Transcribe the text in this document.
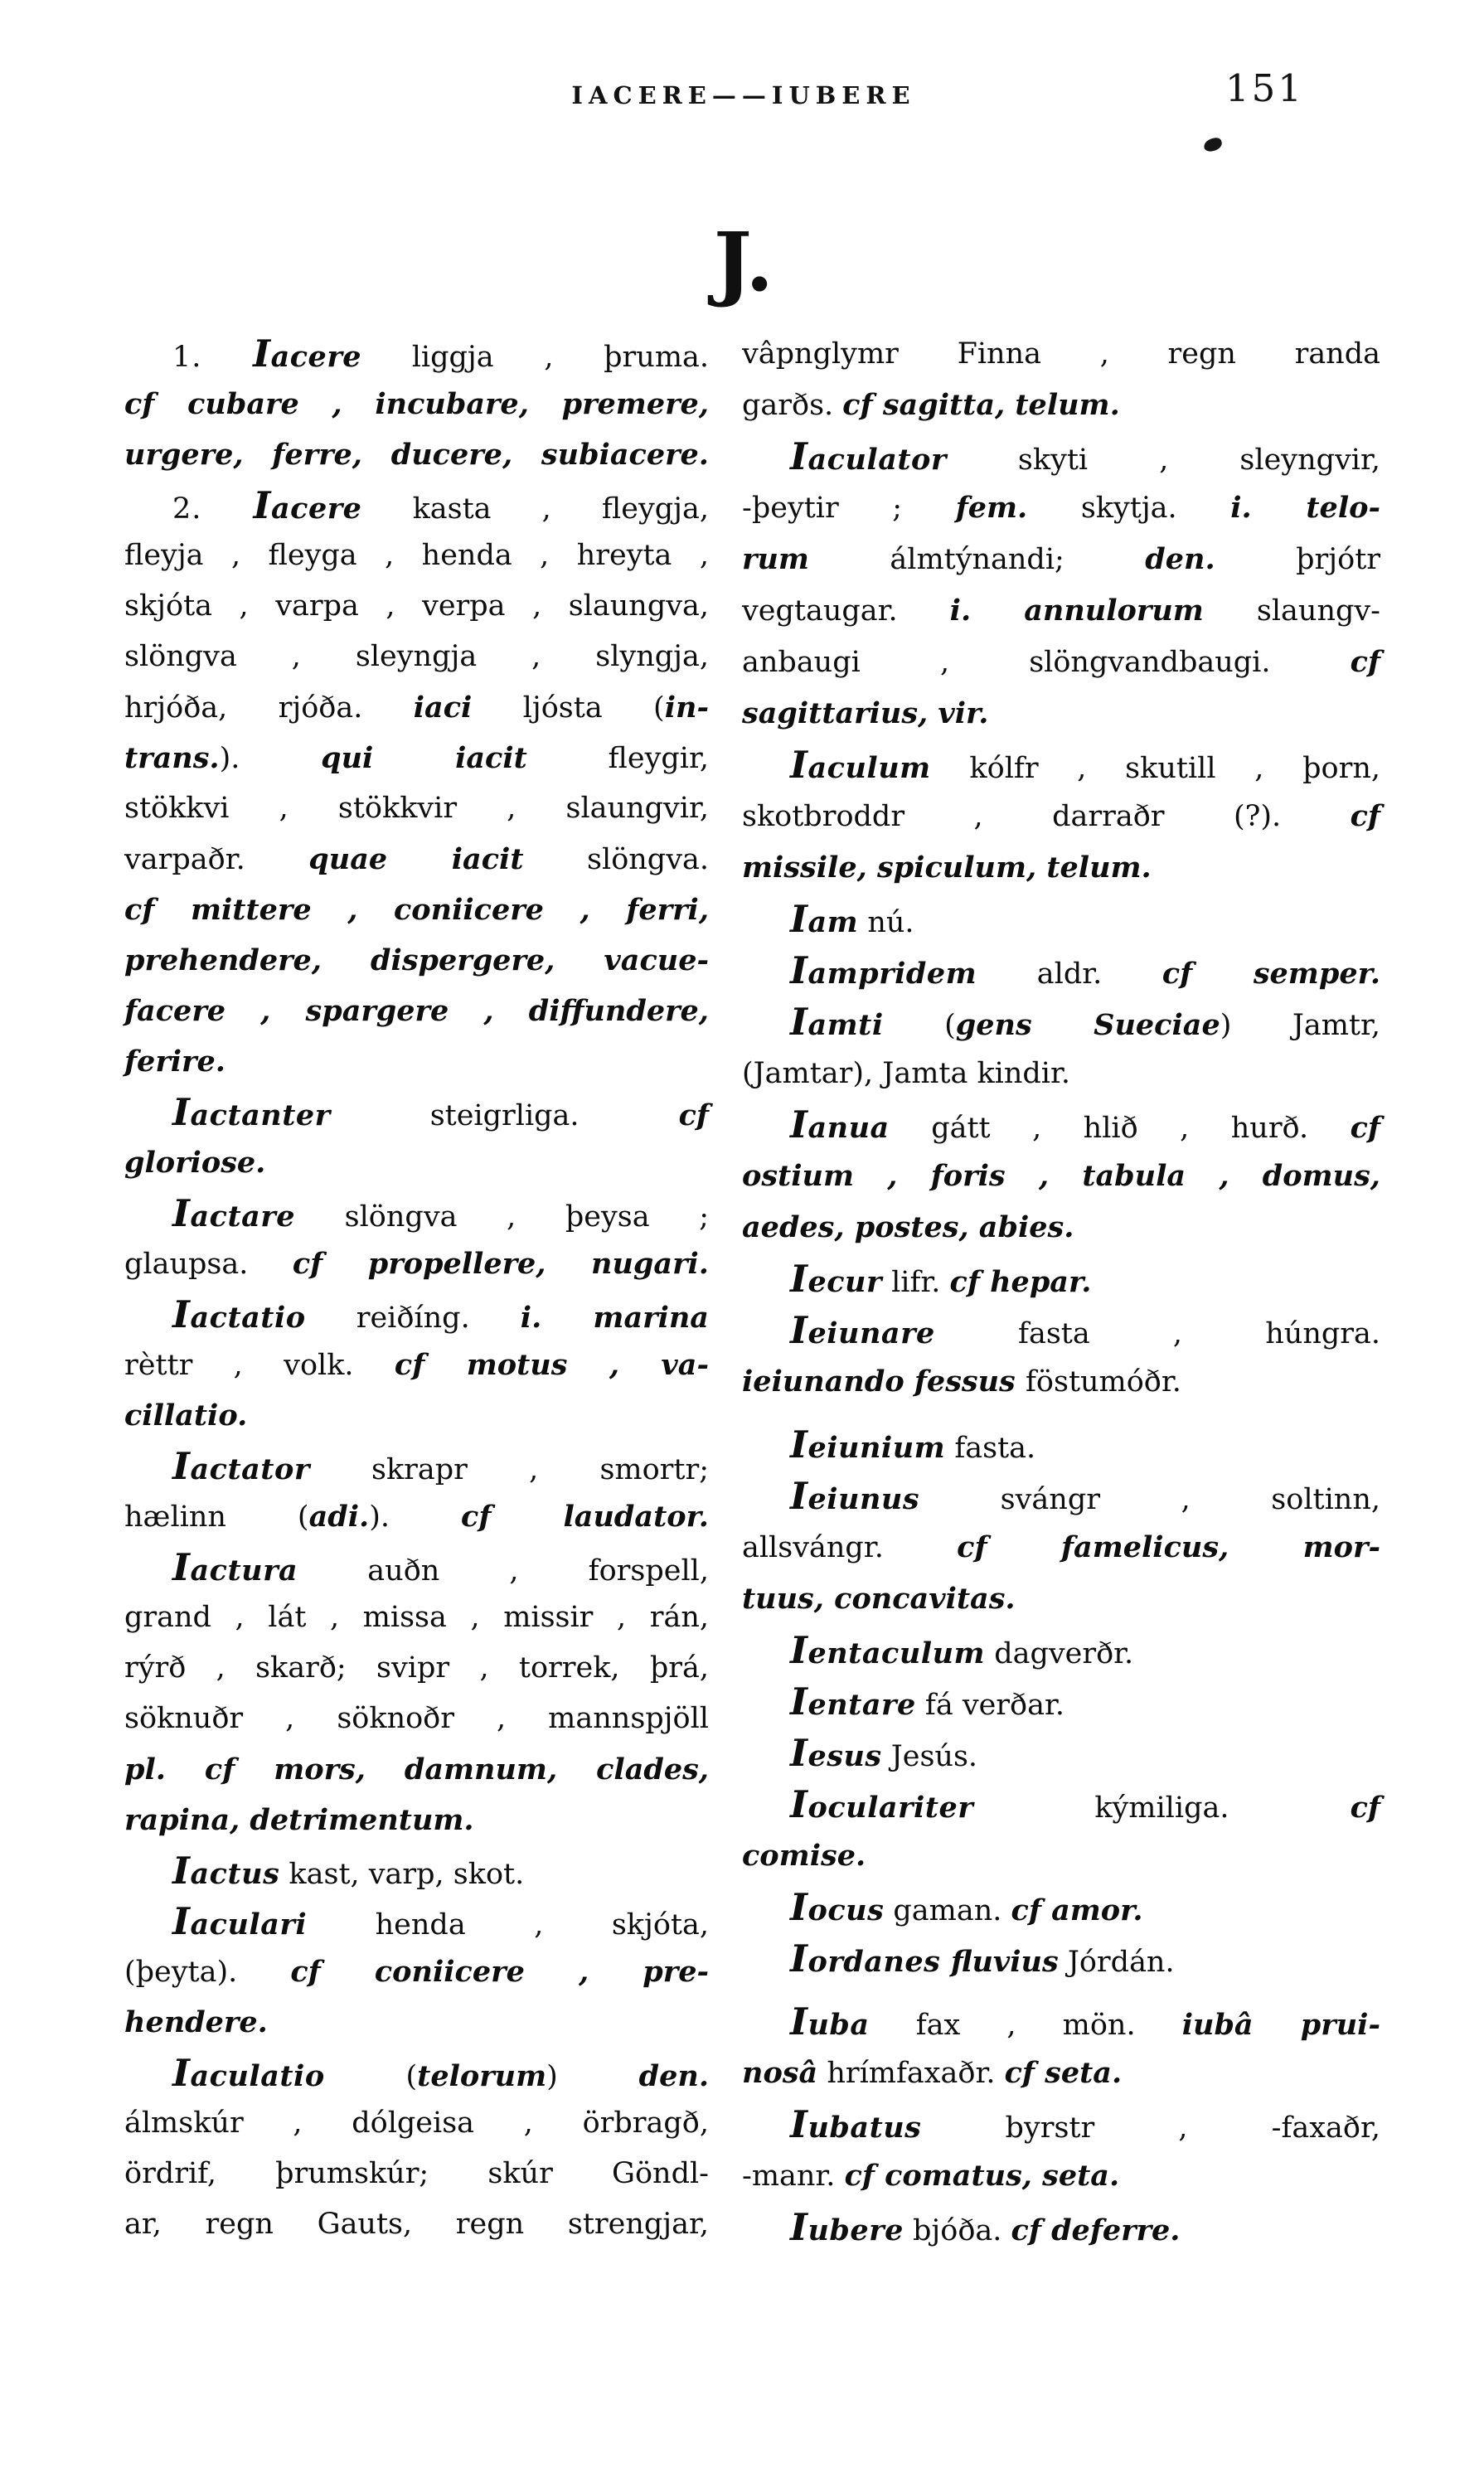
IACERE——IUBERE	151
J.
1. Iacere liggja , þruma.
cf cubare , incubare, premere,
urgere, ferre, ducere, subiacere.
2. Iacere kasta , fleygja,
fleyja , fleyga , henda , hreyta ,
skjóta , varpa , verpa , slaungva,
slöngva , sleyngja , slyngja,
hrjóða, rjóða. iaci ljósta (in-
trans.). qui iacit fleygir,
stökkvi , stökkvir , slaungvir,
varpaðr. quae iacit slöngva.
cf mittere , coniicere , ferri,
prehendere, dispergere, vacue-
facere , spargere , diffundere,
ferire.
Iactanter steigrliga. cf
gloriose.
Iactare slöngva , þeysa ;
glaupsa. cf propellere, nugari.
Iactatio reiðíng. i. marina
rèttr , volk. cf motus , va-
cillatio.
Iactator skrapr , smortr;
hælinn (adi.). cf laudator.
Iactura auðn , forspell,
grand , lát , missa , missir , rán,
rýrð , skarð; svipr , torrek, þrá,
söknuðr , söknoðr , mannspjöll
pl. cf mors, damnum, clades,
rapina, detrimentum.
Iactus kast, varp, skot.
Iaculari henda , skjóta,
(þeyta). cf coniicere , pre-
hendere.
Iaculatio (telorum) den.
álmskúr , dólgeisa , örbragð,
ördrif, þrumskúr; skúr Göndl-
ar, regn Gauts, regn strengjar,
vâpnglymr Finna , regn randa
garðs. cf sagitta, telum.
Iaculator skyti , sleyngvir,
-þeytir ; fem. skytja. i. telo-
rum álmtýnandi; den. þrjótr
vegtaugar. i. annulorum slaungv-
anbaugi , slöngvandbaugi. cf
sagittarius, vir.
Iaculum kólfr , skutill , þorn,
skotbroddr , darraðr (?). cf
missile, spiculum, telum.
Iam nú.
Iampridem aldr. cf semper.
Iamti (gens Sueciae) Jamtr,
(Jamtar), Jamta kindir.
Ianua gátt , hlið , hurð. cf
ostium , foris , tabula , domus,
aedes, postes, abies.
Iecur lifr. cf hepar.
Ieiunare fasta , húngra.
ieiunando fessus föstumóðr.
Ieiunium fasta.
Ieiunus svángr , soltinn,
allsvángr. cf famelicus, mor-
tuus, concavitas.
Ientaculum dagverðr.
Ientare fá verðar.
Iesus Jesús.
Ioculariter kýmiliga. cf
comise.
Iocus gaman. cf amor.
Iordanes fluvius Jórdán.
Iuba fax , mön. iubâ prui-
nosâ hrímfaxaðr. cf seta.
Iubatus byrstr , -faxaðr,
-manr. cf comatus, seta.
Iubere bjóða. cf deferre.
